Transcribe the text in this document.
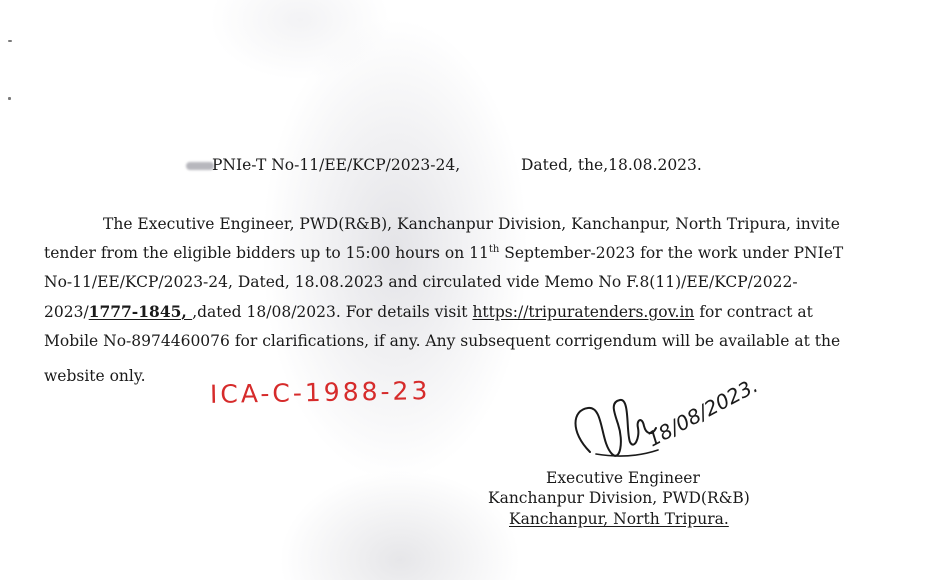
PNIe-T No-11/EE/KCP/2023-24,	Dated, the,18.08.2023.
The Executive Engineer, PWD(R&B), Kanchanpur Division, Kanchanpur, North Tripura, invite
tender from the eligible bidders up to 15:00 hours on 11th September-2023 for the work under PNIeT
No-11/EE/KCP/2023-24, Dated, 18.08.2023 and circulated vide Memo No F.8(11)/EE/KCP/2022-
2023/1777-1845, ,dated 18/08/2023. For details visit https://tripuratenders.gov.in for contract at
Mobile No-8974460076 for clarifications, if any. Any subsequent corrigendum will be available at the
website only.
ICA-C-1988-23	18/08/2023.
Executive Engineer
Kanchanpur Division, PWD(R&B)
Kanchanpur, North Tripura.
